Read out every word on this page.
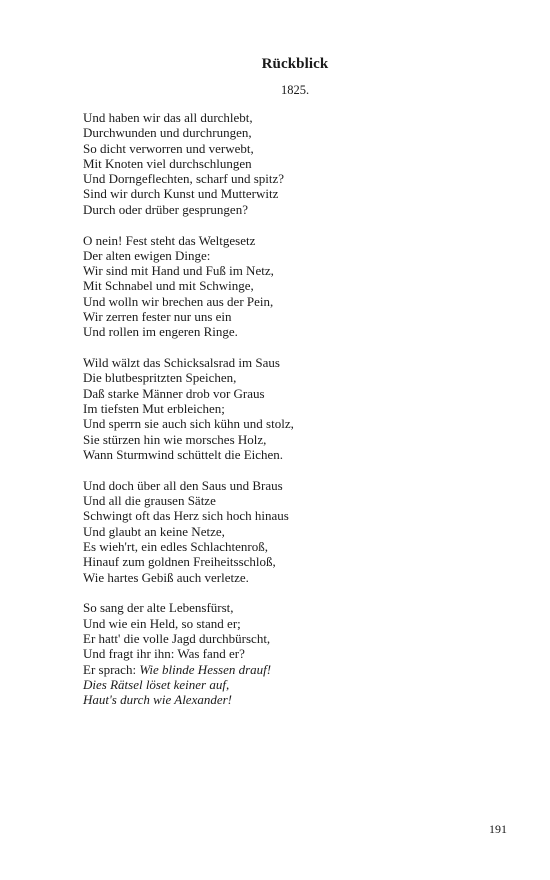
Rückblick
1825.
Und haben wir das all durchlebt,
Durchwunden und durchrungen,
So dicht verworren und verwebt,
Mit Knoten viel durchschlungen
Und Dorngeflechten, scharf und spitz?
Sind wir durch Kunst und Mutterwitz
Durch oder drüber gesprungen?
O nein! Fest steht das Weltgesetz
Der alten ewigen Dinge:
Wir sind mit Hand und Fuß im Netz,
Mit Schnabel und mit Schwinge,
Und wolln wir brechen aus der Pein,
Wir zerren fester nur uns ein
Und rollen im engeren Ringe.
Wild wälzt das Schicksalsrad im Saus
Die blutbespritzten Speichen,
Daß starke Männer drob vor Graus
Im tiefsten Mut erbleichen;
Und sperrn sie auch sich kühn und stolz,
Sie stürzen hin wie morsches Holz,
Wann Sturmwind schüttelt die Eichen.
Und doch über all den Saus und Braus
Und all die grausen Sätze
Schwingt oft das Herz sich hoch hinaus
Und glaubt an keine Netze,
Es wieh'rt, ein edles Schlachtenroß,
Hinauf zum goldnen Freiheitsschloß,
Wie hartes Gebiß auch verletze.
So sang der alte Lebensfürst,
Und wie ein Held, so stand er;
Er hatt' die volle Jagd durchbürscht,
Und fragt ihr ihn: Was fand er?
Er sprach: Wie blinde Hessen drauf!
Dies Rätsel löset keiner auf,
Haut's durch wie Alexander!
191
